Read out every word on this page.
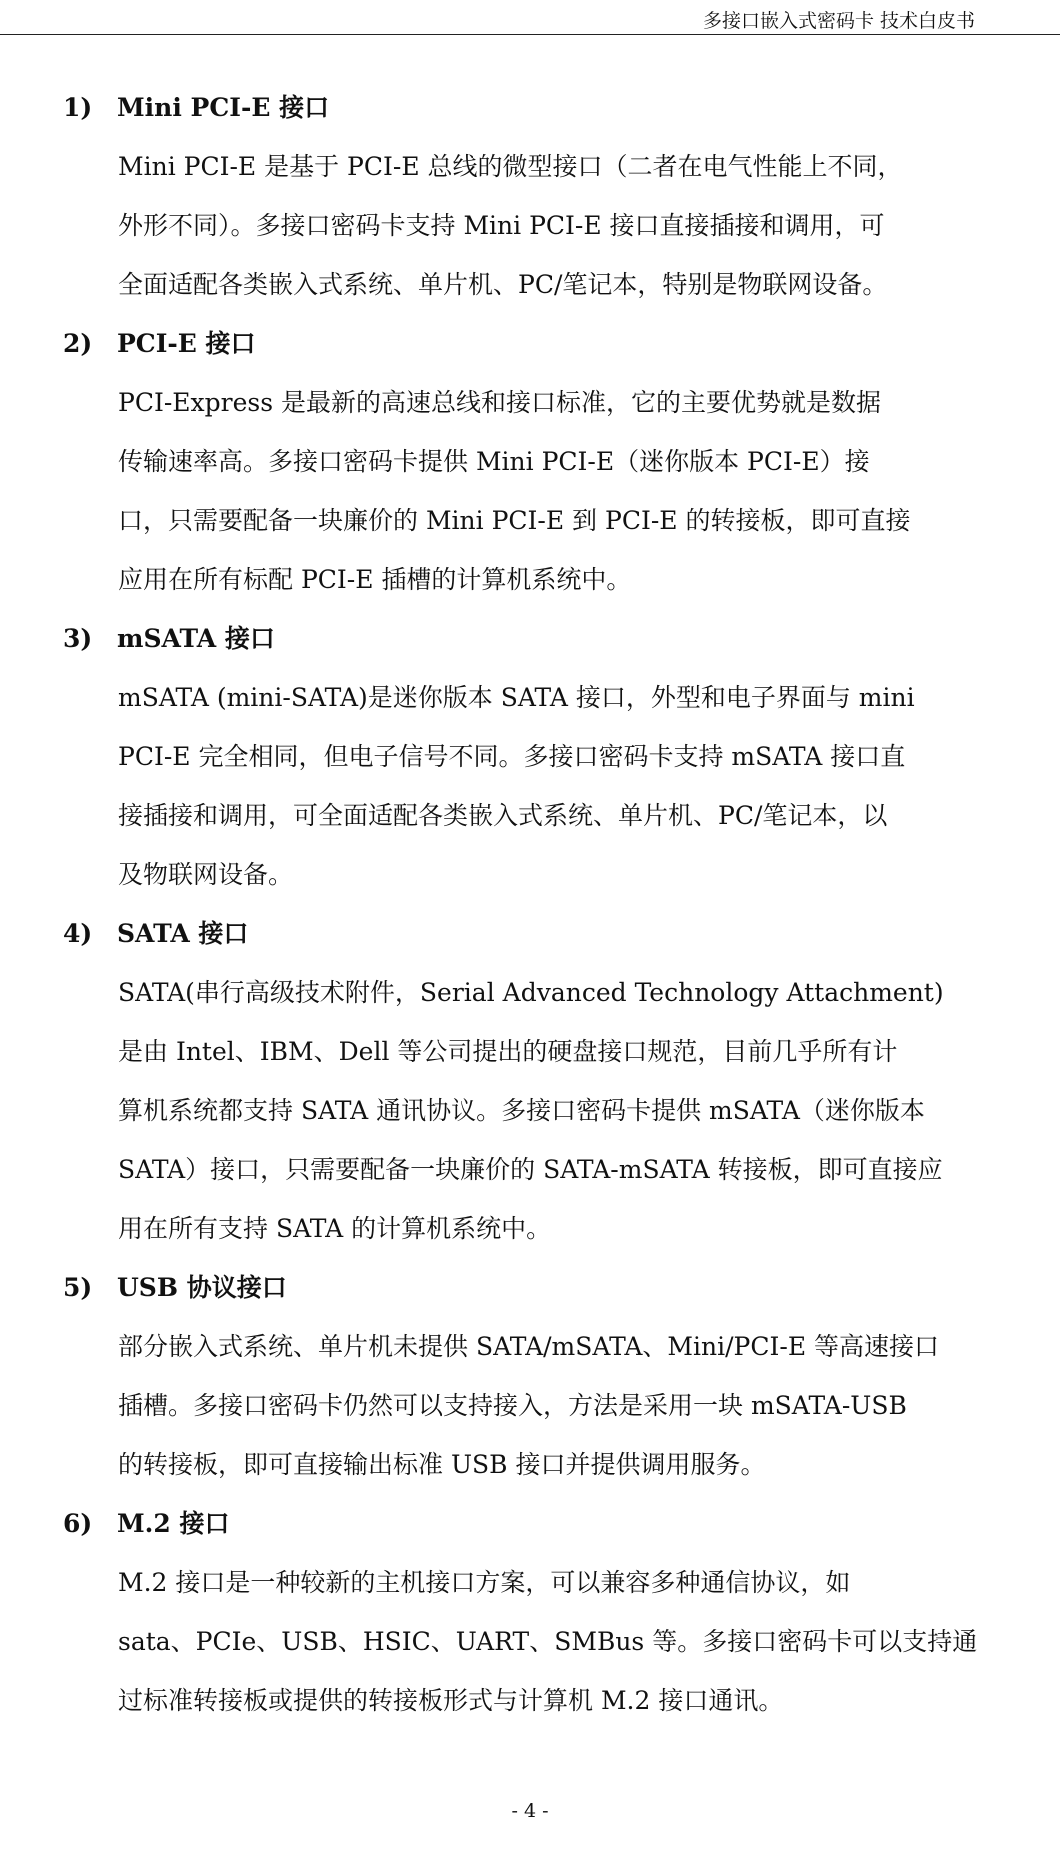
多接口嵌入式密码卡 技术白皮书
1) Mini PCI-E 接口
Mini PCI-E 是基于 PCI-E 总线的微型接口（二者在电气性能上不同，
外形不同）。多接口密码卡支持 Mini PCI-E 接口直接插接和调用，可
全面适配各类嵌入式系统、单片机、PC/笔记本，特别是物联网设备。
2) PCI-E 接口
PCI-Express 是最新的高速总线和接口标准，它的主要优势就是数据
传输速率高。多接口密码卡提供 Mini PCI-E（迷你版本 PCI-E）接
口，只需要配备一块廉价的 Mini PCI-E 到 PCI-E 的转接板，即可直接
应用在所有标配 PCI-E 插槽的计算机系统中。
3) mSATA 接口
mSATA (mini-SATA)是迷你版本 SATA 接口，外型和电子界面与 mini
PCI-E 完全相同，但电子信号不同。多接口密码卡支持 mSATA 接口直
接插接和调用，可全面适配各类嵌入式系统、单片机、PC/笔记本，以
及物联网设备。
4) SATA 接口
SATA(串行高级技术附件，Serial Advanced Technology Attachment)
是由 Intel、IBM、Dell 等公司提出的硬盘接口规范，目前几乎所有计
算机系统都支持 SATA 通讯协议。多接口密码卡提供 mSATA（迷你版本
SATA）接口，只需要配备一块廉价的 SATA-mSATA 转接板，即可直接应
用在所有支持 SATA 的计算机系统中。
5) USB 协议接口
部分嵌入式系统、单片机未提供 SATA/mSATA、Mini/PCI-E 等高速接口
插槽。多接口密码卡仍然可以支持接入，方法是采用一块 mSATA-USB
的转接板，即可直接输出标准 USB 接口并提供调用服务。
6) M.2 接口
M.2 接口是一种较新的主机接口方案，可以兼容多种通信协议，如
sata、PCIe、USB、HSIC、UART、SMBus 等。多接口密码卡可以支持通
过标准转接板或提供的转接板形式与计算机 M.2 接口通讯。
- 4 -
